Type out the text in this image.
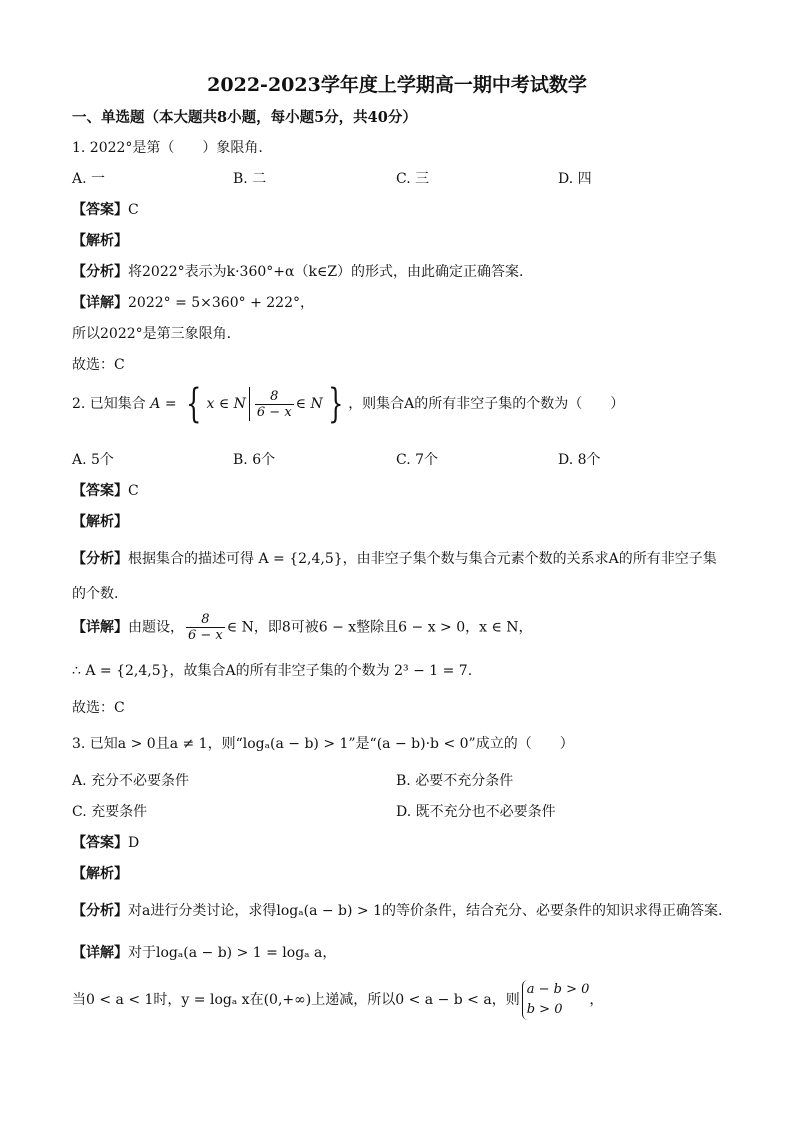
2022-2023学年度上学期高一期中考试数学
一、单选题（本大题共8小题，每小题5分，共40分）
1. 2022°是第（　　）象限角.
A. 一	B. 二	C. 三	D. 四
【答案】C
【解析】
【分析】将2022°表示为k·360°+α（k∈Z）的形式，由此确定正确答案.
【详解】2022° = 5×360° + 222°，
所以2022°是第三象限角.
故选：C
2. 已知集合 A = { x ∈ N $\frac{8}{6 - x}$ ∈ N } ，则集合A的所有非空子集的个数为（　　）
A. 5个	B. 6个	C. 7个	D. 8个
【答案】C
【解析】
【分析】根据集合的描述可得 A = {2,4,5}，由非空子集个数与集合元素个数的关系求A的所有非空子集
的个数.
【详解】由题设， $\frac{8}{6 - x}$ ∈ N，即8可被6 − x整除且6 − x > 0，x ∈ N，
∴ A = {2,4,5}，故集合A的所有非空子集的个数为 2³ − 1 = 7.
故选：C
3. 已知a > 0且a ≠ 1，则“logₐ(a − b) > 1”是“(a − b)·b < 0”成立的（　　）
A. 充分不必要条件	B. 必要不充分条件
C. 充要条件	D. 既不充分也不必要条件
【答案】D
【解析】
【分析】对a进行分类讨论，求得logₐ(a − b) > 1的等价条件，结合充分、必要条件的知识求得正确答案.
【详解】对于logₐ(a − b) > 1 = logₐ a，
当0 < a < 1时，y = logₐ x在(0,+∞)上递减，所以0 < a − b < a，则
a − b > 0
b > 0
，
